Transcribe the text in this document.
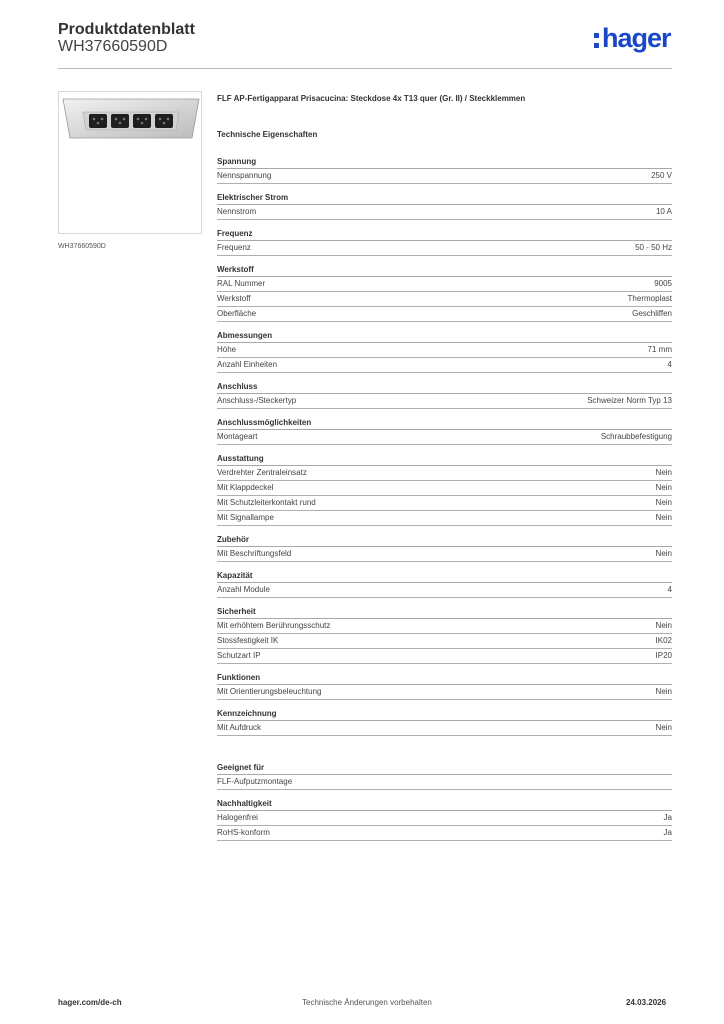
Produktdatenblatt
WH37660590D	hager
WH37660590D
FLF AP-Fertigapparat Prisacucina: Steckdose 4x T13 quer (Gr. II) / Steckklemmen
Technische Eigenschaften
Spannung
Nennspannung	250 V
Elektrischer Strom
Nennstrom	10 A
Frequenz
Frequenz	50 - 50 Hz
Werkstoff
RAL Nummer	9005
Werkstoff	Thermoplast
Oberfläche	Geschliffen
Abmessungen
Höhe	71 mm
Anzahl Einheiten	4
Anschluss
Anschluss-/Steckertyp	Schweizer Norm Typ 13
Anschlussmöglichkeiten
Montageart	Schraubbefestigung
Ausstattung
Verdrehter Zentraleinsatz	Nein
Mit Klappdeckel	Nein
Mit Schutzleiterkontakt rund	Nein
Mit Signallampe	Nein
Zubehör
Mit Beschriftungsfeld	Nein
Kapazität
Anzahl Module	4
Sicherheit
Mit erhöhtem Berührungsschutz	Nein
Stossfestigkeit IK	IK02
Schutzart IP	IP20
Funktionen
Mit Orientierungsbeleuchtung	Nein
Kennzeichnung
Mit Aufdruck	Nein
Geeignet für
FLF-Aufputzmontage
Nachhaltigkeit
Halogenfrei	Ja
RoHS-konform	Ja
hager.com/de-ch	Technische Änderungen vorbehalten	24.03.2026
